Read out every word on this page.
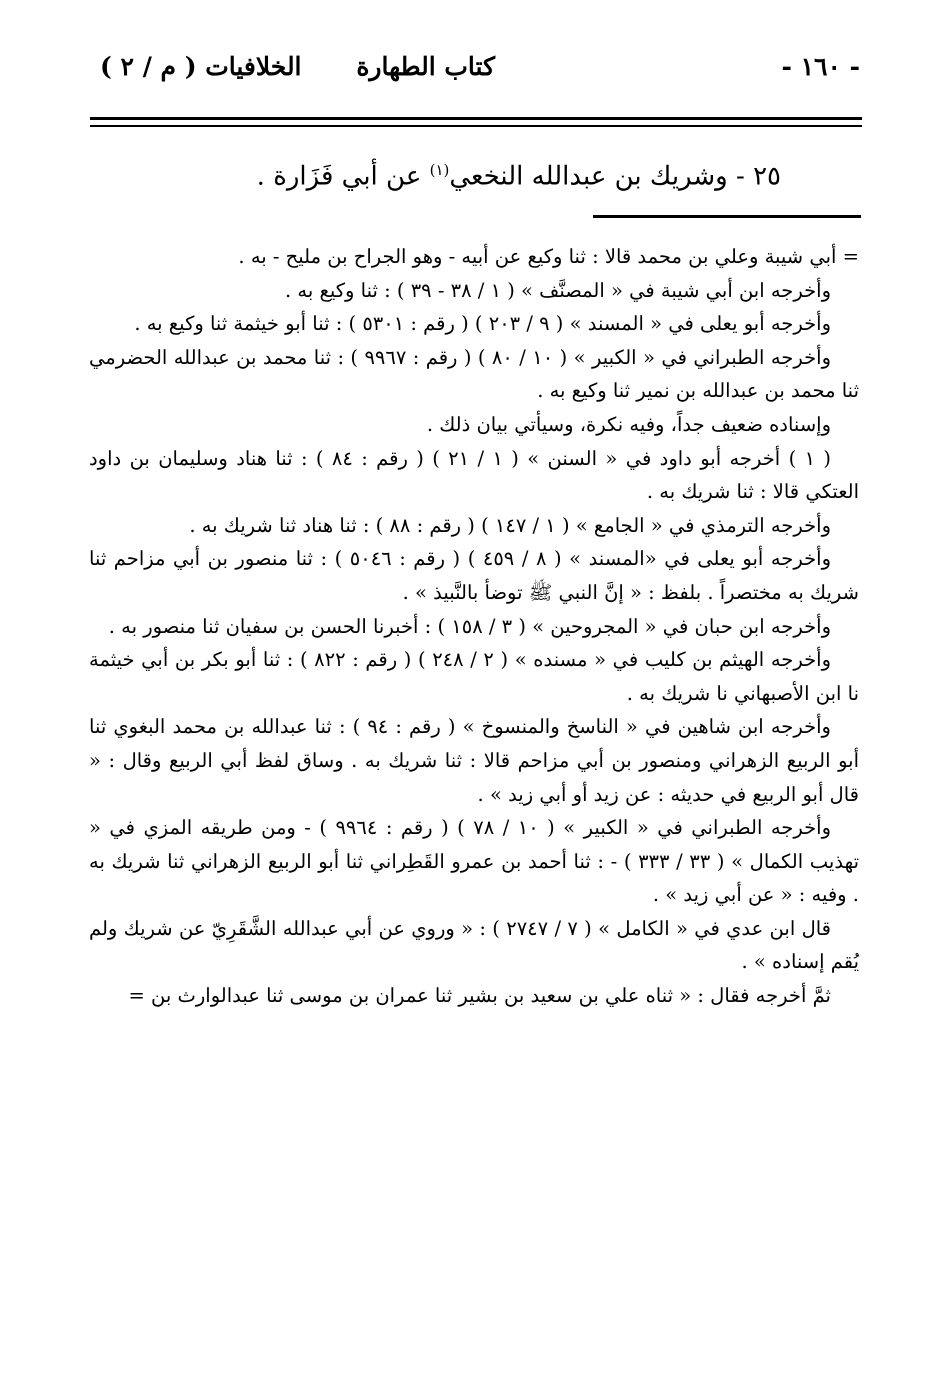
- ١٦٠ -
كتاب الطهارة
الخلافيات ( م / ٢ )
٢٥ - وشريك بن عبدالله النخعي$^{(١)}$ عن أبي فَزَارة .

= أبي شيبة وعلي بن محمد قالا : ثنا وكيع عن أبيه - وهو الجراح بن مليح - به .

وأخرجه ابن أبي شيبة في « المصنَّف » ( ١ / ٣٨ - ٣٩ ) : ثنا وكيع به .

وأخرجه أبو يعلى في « المسند » ( ٩ / ٢٠٣ ) ( رقم : ٥٣٠١ ) : ثنا أبو خيثمة ثنا وكيع به .

وأخرجه الطبراني في « الكبير » ( ١٠ / ٨٠ ) ( رقم : ٩٩٦٧ ) : ثنا محمد بن عبدالله الحضرمي ثنا محمد بن عبدالله بن نمير ثنا وكيع به .

وإسناده ضعيف جداً، وفيه نكرة، وسيأتي بيان ذلك .

( ١ ) أخرجه أبو داود في « السنن » ( ١ / ٢١ ) ( رقم : ٨٤ ) : ثنا هناد وسليمان بن داود العتكي قالا : ثنا شريك به .

وأخرجه الترمذي في « الجامع » ( ١ / ١٤٧ ) ( رقم : ٨٨ ) : ثنا هناد ثنا شريك به .

وأخرجه أبو يعلى في «المسند » ( ٨ / ٤٥٩ ) ( رقم : ٥٠٤٦ ) : ثنا منصور بن أبي مزاحم ثنا شريك به مختصراً . بلفظ : « إنَّ النبي ﷺ توضأ بالنَّبيذ » .

وأخرجه ابن حبان في « المجروحين » ( ٣ / ١٥٨ ) : أخبرنا الحسن بن سفيان ثنا منصور به .

وأخرجه الهيثم بن كليب في « مسنده » ( ٢ / ٢٤٨ ) ( رقم : ٨٢٢ ) : ثنا أبو بكر بن أبي خيثمة نا ابن الأصبهاني نا شريك به .

وأخرجه ابن شاهين في « الناسخ والمنسوخ » ( رقم : ٩٤ ) : ثنا عبدالله بن محمد البغوي ثنا أبو الربيع الزهراني ومنصور بن أبي مزاحم قالا : ثنا شريك به . وساق لفظ أبي الربيع وقال : « قال أبو الربيع في حديثه : عن زيد أو أبي زيد » .

وأخرجه الطبراني في « الكبير » ( ١٠ / ٧٨ ) ( رقم : ٩٩٦٤ ) - ومن طريقه المزي في « تهذيب الكمال » ( ٣٣ / ٣٣٣ ) - : ثنا أحمد بن عمرو القَطِراني ثنا أبو الربيع الزهراني ثنا شريك به . وفيه : « عن أبي زيد » .

قال ابن عدي في « الكامل » ( ٧ / ٢٧٤٧ ) : « وروي عن أبي عبدالله الشَّقَرِيّ عن شريك ولم يُقم إسناده » .

ثمَّ أخرجه فقال : « ثناه علي بن سعيد بن بشير ثنا عمران بن موسى ثنا عبدالوارث بن =
